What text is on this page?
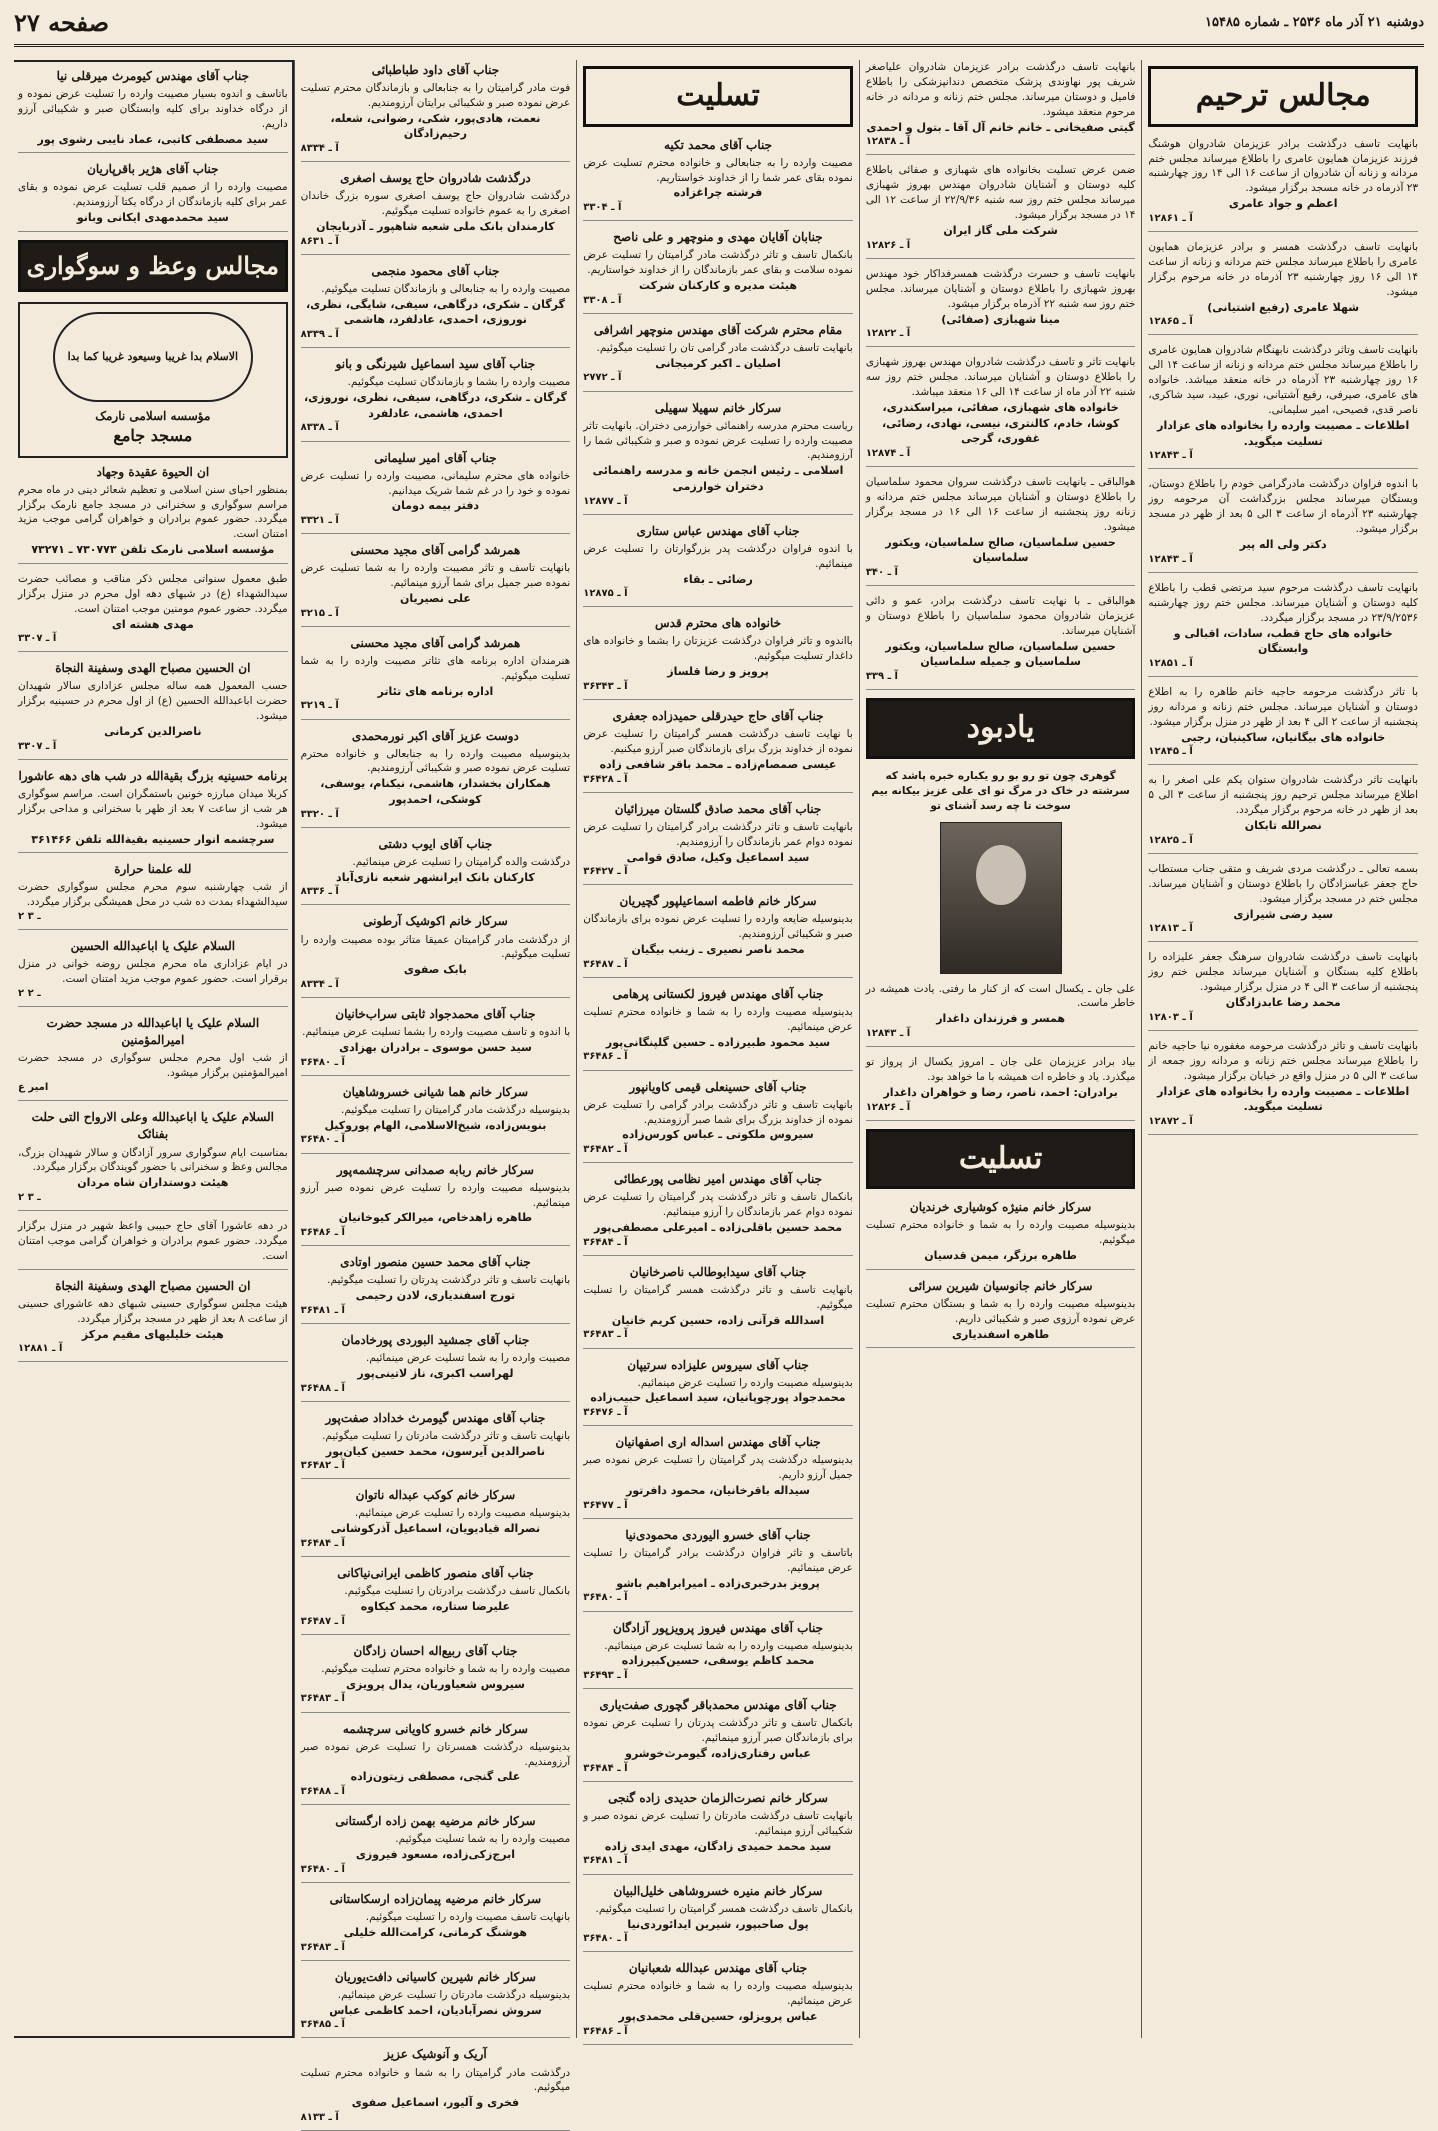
دوشنبه ۲۱ آذر ماه ۲۵۳۶ ـ شماره ۱۵۴۸۵
صفحه ۲۷
مجالس ترحیم

بانهایت تاسف درگذشت برادر عزیزمان شادروان هوشنگ فرزند عزیزمان همایون عامری را باطلاع میرساند مجلس ختم مردانه و زنانه آن شادروان از ساعت ۱۶ الی ۱۴ روز چهارشنبه ۲۳ آذرماه در خانه مسجد برگزار میشود.

اعظم و جواد عامری
آ ـ ۱۲۸۶۱

بانهایت تاسف درگذشت همسر و برادر عزیزمان همایون عامری را باطلاع میرساند مجلس ختم مردانه و زنانه از ساعت ۱۴ الی ۱۶ روز چهارشنبه ۲۳ آذرماه در خانه مرحوم برگزار میشود.

شهلا عامری (رفیع اشتیانی)
آ ـ ۱۲۸۶۵

بانهایت تاسف وتاثر درگذشت نابهنگام شادروان همایون عامری را باطلاع میرساند مجلس ختم مردانه و زنانه از ساعت ۱۴ الی ۱۶ روز چهارشنبه ۲۳ آذرماه در خانه منعقد میباشد. خانواده های عامری، صیرفی، رفیع آشتیانی، نوری، عبید، سید شاکری، ناصر قدی، فصیحی، امیر سلیمانی.

اطلاعات ـ مصیبت وارده را بخانواده های عزادار تسلیت میگوید.
آ ـ ۱۲۸۴۳

با اندوه فراوان درگذشت مادرگرامی خودم را باطلاع دوستان، وبستگان میرساند مجلس بزرگداشت آن مرحومه روز چهارشنبه ۲۳ آذرماه از ساعت ۳ الی ۵ بعد از ظهر در مسجد برگزار میشود.

دکتر ولی اله پیر
آ ـ ۱۲۸۴۳

بانهایت تاسف درگذشت مرحوم سید مرتضی قطب را باطلاع کلیه دوستان و آشنایان میرساند. مجلس ختم روز چهارشنبه ۲۳/۹/۲۵۳۶ در مسجد برگزار میگردد.

خانواده های حاج قطب، سادات، اقبالی و وابستگان
آ ـ ۱۲۸۵۱

با تاثر درگذشت مرحومه حاجیه خانم طاهره را به اطلاع دوستان و آشنایان میرساند. مجلس ختم زنانه و مردانه روز پنجشنبه از ساعت ۲ الی ۴ بعد از ظهر در منزل برگزار میشود.

خانواده های بیگانیان، ساکینیان، رجبی
آ ـ ۱۲۸۴۵

بانهایت تاثر درگذشت شادروان ستوان یکم علی اصغر را به اطلاع میرساند مجلس ترحیم روز پنجشنبه از ساعت ۳ الی ۵ بعد از ظهر در خانه مرحوم برگزار میگردد.

نصرالله تابکان
آ ـ ۱۲۸۲۵

بسمه تعالی ـ درگذشت مردی شریف و متقی جناب مستطاب حاج جعفر عباسزادگان را باطلاع دوستان و آشنایان میرساند. مجلس ختم در مسجد برگزار میشود.

سید رضی شیرازی
آ ـ ۱۲۸۱۳

بانهایت تاسف درگذشت شادروان سرهنگ جعفر علیزاده را باطلاع کلیه بستگان و آشنایان میرساند مجلس ختم روز پنجشنبه از ساعت ۳ الی ۴ در منزل برگزار میشود.

محمد رضا عابدزادگان
آ ـ ۱۲۸۰۳

بانهایت تاسف و تاثر درگذشت مرحومه مغفوره نیا حاجیه خانم را باطلاع میرساند مجلس ختم زنانه و مردانه روز جمعه از ساعت ۳ الی ۵ در منزل واقع در خیابان برگزار میشود.

اطلاعات ـ مصیبت وارده را بخانواده های عزادار تسلیت میگوید.
آ ـ ۱۲۸۷۲

بانهایت تاسف درگذشت برادر عزیزمان شادروان علیاصغر شریف پور نهاوندی پزشک متخصص دندانپزشکی را باطلاع فامیل و دوستان میرساند. مجلس ختم زنانه و مردانه در خانه مرحوم منعقد میشود.

گیتی صفیخانی ـ خانم خانم آل آقا ـ بتول و احمدی
آ ـ ۱۲۸۳۸

ضمن عرض تسلیت بخانواده های شهبازی و صفائی باطلاع کلیه دوستان و آشنایان شادروان مهندس بهروز شهبازی میرساند مجلس ختم روز سه شنبه ۲۲/۹/۳۶ از ساعت ۱۲ الی ۱۴ در مسجد برگزار میشود.

شرکت ملی گاز ایران
آ ـ ۱۲۸۲۶

بانهایت تاسف و حسرت درگذشت همسرفداکار خود مهندس بهروز شهبازی را باطلاع دوستان و آشنایان میرساند. مجلس ختم روز سه شنبه ۲۲ آذرماه برگزار میشود.

مینا شهبازی (صفائی)
آ ـ ۱۲۸۲۲

بانهایت تاثر و تاسف درگذشت شادروان مهندس بهروز شهبازی را باطلاع دوستان و آشنایان میرساند. مجلس ختم روز سه شنبه ۲۲ آذر ماه از ساعت ۱۴ الی ۱۶ منعقد میباشد.

خانواده های شهبازی، صفائی، میراسکندری، کوشا، خادم، کالنتری، نیسی، نهادی، رضائی، غفوری، گرجی
آ ـ ۱۲۸۷۴

هوالباقی ـ بانهایت تاسف درگذشت سروان محمود سلماسیان را باطلاع دوستان و آشنایان میرساند مجلس ختم مردانه و زنانه روز پنجشنبه از ساعت ۱۶ الی ۱۶ در مسجد برگزار میشود.

حسین سلماسیان، صالح سلماسیان، ویکتور سلماسیان
آ ـ ۳۴۰

هوالباقی ـ با نهایت تاسف درگذشت برادر، عمو و دائی عزیزمان شادروان محمود سلماسیان را باطلاع دوستان و آشنایان میرساند.

حسین سلماسیان، صالح سلماسیان، ویکتور سلماسیان و جمیله سلماسیان
آ ـ ۳۳۹
یادبود

گوهری چون تو رو بو رو یکباره خبره پاشد که سرشته در خاک در مرگ تو ای علی عزیز بیکانه بیم سوخت تا چه رسد آشنای تو

علی جان ـ یکسال است که از کنار ما رفتی. یادت همیشه در خاطر ماست.

همسر و فرزندان داغدار
آ ـ ۱۲۸۴۳

بیاد برادر عزیزمان علی جان ـ امروز یکسال از پرواز تو میگذرد. یاد و خاطره ات همیشه با ما خواهد بود.

برادران: احمد، ناصر، رضا و خواهران داغدار
آ ـ ۱۲۸۲۶
تسلیت
سرکار خانم منیژه کوشیاری خرندیان

بدینوسیله مصیبت وارده را به شما و خانواده محترم تسلیت میگوئیم.

طاهره برزگر، میمن قدسیان
سرکار خانم جانوسیان شیرین سرائی

بدینوسیله مصیبت وارده را به شما و بستگان محترم تسلیت عرض نموده آرزوی صبر و شکیبائی داریم.

طاهره اسفندیاری
تسلیت
جناب آقای محمد تکیه

مصیبت وارده را به جنابعالی و خانواده محترم تسلیت عرض نموده بقای عمر شما را از خداوند خواستاریم.

فرشته چراغزاده
آ ـ ۳۳۰۴
جنابان آقایان مهدی و منوچهر و علی ناصح

بانکمال تاسف و تاثر درگذشت مادر گرامیتان را تسلیت عرض نموده سلامت و بقای عمر بازماندگان را از خداوند خواستاریم.

هیئت مدیره و کارکنان شرکت
آ ـ ۳۳۰۸
مقام محترم شرکت آقای مهندس منوچهر اشرافی

بانهایت تاسف درگذشت مادر گرامی تان را تسلیت میگوئیم.

اصلیان ـ اکبر کرمیجانی
آ ـ ۲۷۷۲
سرکار خانم سهیلا سهیلی

ریاست محترم مدرسه راهنمائی خوارزمی دختران. بانهایت تاثر مصیبت وارده را تسلیت عرض نموده و صبر و شکیبائی شما را آرزومندیم.

اسلامی ـ رئیس انجمن خانه و مدرسه راهنمائی دختران خوارزمی
آ ـ ۱۲۸۷۷
جناب آقای مهندس عباس ستاری

با اندوه فراوان درگذشت پدر بزرگوارتان را تسلیت عرض مینمائیم.

رضائی ـ بقاء
آ ـ ۱۲۸۷۵
خانواده های محترم قدس

بااندوه و تاثر فراوان درگذشت عزیزتان را بشما و خانواده های داغدار تسلیت میگوئیم.

پرویز و رضا قلساز
آ ـ ۳۶۳۴۳
جناب آقای حاج حیدرقلی حمیدزاده جعفری

با نهایت تاسف درگذشت همسر گرامیتان را تسلیت عرض نموده از خداوند بزرگ برای بازماندگان صبر آرزو میکنیم.

عیسی صمصام‌زاده ـ محمد باقر شافعی زاده
آ ـ ۳۶۴۲۸
جناب آقای محمد صادق گلستان میرزائیان

بانهایت تاسف و تاثر درگذشت برادر گرامیتان را تسلیت عرض نموده دوام عمر بازماندگان را آرزومندیم.

سید اسماعیل وکیل، صادق قوامی
آ ـ ۳۶۴۲۷
سرکار خانم فاطمه اسماعیلپور گچیریان

بدینوسیله ضایعه وارده را تسلیت عرض نموده برای بازماندگان صبر و شکیبائی آرزومندیم.

محمد ناصر نصیری ـ زینب بیگیان
آ ـ ۳۶۴۸۷
جناب آقای مهندس فیروز لکستانی پرهامی

بدینوسیله مصیبت وارده را به شما و خانواده محترم تسلیت عرض مینمائیم.

سید محمود طبیرزاده ـ حسین گلپنگانی‌پور
آ ـ ۳۶۴۸۶
جناب آقای حسینعلی قیمی کاویانپور

بانهایت تاسف و تاثر درگذشت برادر گرامی را تسلیت عرض نموده از خداوند بزرگ برای شما صبر آرزومندیم.

سیروس ملکوتی ـ عباس کورس‌زاده
آ ـ ۳۶۴۸۲
جناب آقای مهندس امیر نظامی پورعطائی

بانکمال تاسف و تاثر درگذشت پدر گرامیتان را تسلیت عرض نموده دوام عمر بازماندگان را آرزو مینمائیم.

محمد حسین باقلی‌زاده ـ امیرعلی مصطفی‌پور
آ ـ ۳۶۴۸۴
جناب آقای سیدابوطالب ناصرخانیان

بانهایت تاسف و تاثر درگذشت همسر گرامیتان را تسلیت میگوئیم.

اسدالله قرآنی زاده، حسین کریم خانیان
آ ـ ۳۶۴۸۳
جناب آقای سیروس علیزاده سرتیپان

بدینوسیله مصیبت وارده را تسلیت عرض مینمائیم.

محمدجواد پورچوپانیان، سید اسماعیل حبیب‌زاده
آ ـ ۳۶۴۷۶
جناب آقای مهندس اسداله اری اصفهانیان

بدینوسیله درگذشت پدر گرامیتان را تسلیت عرض نموده صبر جمیل آرزو داریم.

سیداله باقرخانیان، محمود دافرتور
آ ـ ۳۶۴۷۷
جناب آقای خسرو الیوردی محمودی‌نیا

باتاسف و تاثر فراوان درگذشت برادر گرامیتان را تسلیت عرض مینمائیم.

پرویز بدرخبری‌زاده ـ امیرابراهیم باشو
آ ـ ۳۶۴۸۰
جناب آقای مهندس فیروز پرویزپور آزادگان

بدینوسیله مصیبت وارده را به شما تسلیت عرض مینمائیم.

محمد کاظم یوسفی، حسین‌کبیرزاده
آ ـ ۳۶۴۹۳
جناب آقای مهندس محمدباقر گچوری صفت‌یاری

بانکمال تاسف و تاثر درگذشت پدرتان را تسلیت عرض نموده برای بازماندگان صبر آرزو مینمائیم.

عباس رفتاری‌زاده، گیومرث‌خوشرو
آ ـ ۳۶۴۸۴
سرکار خانم نصرت‌الزمان حدیدی زاده گنجی

بانهایت تاسف درگذشت مادرتان را تسلیت عرض نموده صبر و شکیبائی آرزو مینمائیم.

سید محمد حمیدی زادگان، مهدی ایدی زاده
آ ـ ۳۶۴۸۱
سرکار خانم منیره خسروشاهی خلیل‌البیان

بانکمال تاسف درگذشت همسر گرامیتان را تسلیت میگوئیم.

پول صاحبپور، شیرین ایدائوردی‌نیا
آ ـ ۳۶۴۸۰
جناب آقای مهندس عبدالله شعبانیان

بدینوسیله مصیبت وارده را به شما و خانواده محترم تسلیت عرض مینمائیم.

عباس پرویزلو، حسین‌قلی محمدی‌پور
آ ـ ۳۶۴۸۶
جناب آقای داود طباطبائی

فوت مادر گرامیتان را به جنابعالی و بازماندگان محترم تسلیت عرض نموده صبر و شکیبائی برایتان آرزومندیم.

نعمت، هادی‌پور، شکی، رضوانی، شعله، رحیم‌زادگان
آ ـ ۸۳۳۴
درگذشت شادروان حاج یوسف اصغری

درگذشت شادروان حاج یوسف اصغری سوره بزرگ خاندان اصغری را به عموم خانواده تسلیت میگوئیم.

کارمندان بانک ملی شعبه شاهپور ـ آذربایجان
آ ـ ۸۶۳۱
جناب آقای محمود منجمی

مصیبت وارده را به جنابعالی و بازماندگان تسلیت میگوئیم.

گرگان ـ شکری، درگاهی، سیفی، شایگی، نظری، نوروزی، احمدی، عادلفرد، هاشمی
آ ـ ۸۳۳۹
جناب آقای سید اسماعیل شیرنگی و بانو

مصیبت وارده را بشما و بازماندگان تسلیت میگوئیم.

گرگان ـ شکری، درگاهی، سیفی، نظری، نوروزی، احمدی، هاشمی، عادلفرد
آ ـ ۸۳۳۸
جناب آقای امیر سلیمانی

خانواده های محترم سلیمانی، مصیبت وارده را تسلیت عرض نموده و خود را در غم شما شریک میدانیم.

دفتر بیمه دومان
آ ـ ۳۳۲۱
همرشد گرامی آقای مجید محسنی

بانهایت تاسف و تاثر مصیبت وارده را به شما تسلیت عرض نموده صبر جمیل برای شما آرزو مینمائیم.

علی نصیریان
آ ـ ۳۲۱۵
همرشد گرامی آقای مجید محسنی

هنرمندان اداره برنامه های تئاتر مصیبت وارده را به شما تسلیت میگوئیم.

اداره برنامه های تئاتر
آ ـ ۳۲۱۹
دوست عزیز آقای اکبر نورمحمدی

بدینوسیله مصیبت وارده را به جنابعالی و خانواده محترم تسلیت عرض نموده صبر و شکیبائی آرزومندیم.

همکاران بخشدار، هاشمی، نیکنام، یوسفی، کوشکی، احمدپور
آ ـ ۳۳۲۰
جناب آقای ایوب دشتی

درگذشت والده گرامیتان را تسلیت عرض مینمائیم.

کارکنان بانک ایرانشهر شعبه نازی‌آباد
آ ـ ۸۳۳۶
سرکار خانم اکوشیک آرطونی

از درگذشت مادر گرامیتان عمیقا متاثر بوده مصیبت وارده را تسلیت میگوئیم.

بابک صفوی
آ ـ ۸۳۳۴
جناب آقای محمدجواد ثابتی سراب‌خانیان

با اندوه و تاسف مصیبت وارده را بشما تسلیت عرض مینمائیم.

سید حسن موسوی ـ برادران بهزادی
آ ـ ۳۶۴۸۰
سرکار خانم هما شیانی خسروشاهیان

بدینوسیله درگذشت مادر گرامیتان را تسلیت میگوئیم.

بنویس‌زاده، شیخ‌الاسلامی، الهام پوروکیل
آ ـ ۳۶۴۸۰
سرکار خانم ربابه صمدانی سرچشمه‌پور

بدینوسیله مصیبت وارده را تسلیت عرض نموده صبر آرزو مینمائیم.

طاهره زاهدخاص، میرالکر کیوخانیان
آ ـ ۳۶۴۸۶
جناب آقای محمد حسین منصور اوتادی

بانهایت تاسف و تاثر درگذشت پدرتان را تسلیت میگوئیم.

تورج اسفندیاری، لادن رحیمی
آ ـ ۳۶۴۸۱
جناب آقای جمشید البوردی پورخادمان

مصیبت وارده را به شما تسلیت عرض مینمائیم.

لهراسب اکبری، ناز لاتینی‌پور
آ ـ ۳۶۴۸۸
جناب آقای مهندس گیومرث خداداد صفت‌پور

بانهایت تاسف و تاثر درگذشت مادرتان را تسلیت میگوئیم.

ناصرالدین آیرسون، محمد حسین کیان‌پور
آ ـ ۳۶۴۸۲
سرکار خانم کوکب عبداله ناتوان

بدینوسیله مصیبت وارده را تسلیت عرض مینمائیم.

نصراله قیادیویان، اسماعیل آذرکوشانی
آ ـ ۳۶۴۸۴
جناب آقای منصور کاظمی ایرانی‌نیاکانی

بانکمال تاسف درگذشت برادرتان را تسلیت میگوئیم.

علیرضا ستاره، محمد کیکاوه
آ ـ ۳۶۴۸۷
جناب آقای ربیع‌اله احسان زادگان

مصیبت وارده را به شما و خانواده محترم تسلیت میگوئیم.

سیروس شعیاوریان، یدال پرویزی
آ ـ ۳۶۴۸۳
سرکار خانم خسرو کاویانی سرچشمه

بدینوسیله درگذشت همسرتان را تسلیت عرض نموده صبر آرزومندیم.

علی گنجی، مصطفی زیتون‌زاده
آ ـ ۳۶۴۸۸
سرکار خانم مرضیه بهمن زاده ارگستانی

مصیبت وارده را به شما تسلیت میگوئیم.

ابرج‌زکی‌زاده، مسعود فیروزی
آ ـ ۳۶۴۸۰
سرکار خانم مرضیه پیمان‌زاده ارسکاستانی

بانهایت تاسف مصیبت وارده را تسلیت میگوئیم.

هوشنگ کرمانی، کرامت‌الله خلیلی
آ ـ ۳۶۴۸۳
سرکار خانم شیرین کاسیانی دافت‌یوریان

بدینوسیله درگذشت مادرتان را تسلیت عرض مینمائیم.

سروش نصرآبادیان، احمد کاظمی عباس
آ ـ ۳۶۴۸۵
آریک و آنوشیک عزیز

درگذشت مادر گرامیتان را به شما و خانواده محترم تسلیت میگوئیم.

فخری و آلیور، اسماعیل صفوی
آ ـ ۸۱۳۳
جناب آقای مهندس کیومرث میرقلی نیا

باتاسف و اندوه بسیار مصیبت وارده را تسلیت عرض نموده و از درگاه خداوند برای کلیه وابستگان صبر و شکیبائی آرزو داریم.

سید مصطفی کاتبی، عماد نایبی رشوی پور
جناب آقای هژیر باقرپاریان

مصیبت وارده را از صمیم قلب تسلیت عرض نموده و بقای عمر برای کلیه بازماندگان از درگاه یکتا آرزومندیم.

سید محمدمهدی ایکانی وبانو
مجالس وعظ و سوگواری
الاسلام بدا غریبا وسیعود غریبا کما بدا
مؤسسه اسلامی نارمک
مسجد جامع
ان الحیوة عقیدة وجهاد

بمنظور احیای سنن اسلامی و تعظیم شعائر دینی در ماه محرم مراسم سوگواری و سخنرانی در مسجد جامع نارمک برگزار میگردد. حضور عموم برادران و خواهران گرامی موجب مزید امتنان است.

مؤسسه اسلامی نارمک تلفن ۷۳۰۷۷۳ ـ ۷۳۲۷۱

طبق معمول سنواتی مجلس ذکر مناقب و مصائب حضرت سیدالشهداء (ع) در شبهای دهه اول محرم در منزل برگزار میگردد. حضور عموم مومنین موجب امتنان است.

مهدی هشته ای
آ ـ ۳۳۰۷
ان الحسین مصباح الهدی وسفینة النجاة

حسب المعمول همه ساله مجلس عزاداری سالار شهیدان حضرت اباعبدالله الحسین (ع) از اول محرم در حسینیه برگزار میشود.

ناصرالدین کرمانی
آ ـ ۳۳۰۷
برنامه حسینیه بزرگ بقیةالله در شب های دهه عاشورا

کربلا میدان مبارزه خونین باستمگران است. مراسم سوگواری هر شب از ساعت ۷ بعد از ظهر با سخنرانی و مداحی برگزار میشود.

سرچشمه انوار حسینیه بقیةالله تلفن ۳۶۱۴۶۶
لله علمنا حرارة

از شب چهارشنبه سوم محرم مجلس سوگواری حضرت سیدالشهداء بمدت ده شب در محل همیشگی برگزار میگردد.

۲ ـ ۳
السلام علیک یا اباعبدالله الحسین

در ایام عزاداری ماه محرم مجلس روضه خوانی در منزل برقرار است. حضور عموم موجب مزید امتنان است.

۲ ـ ۲
السلام علیک یا اباعبدالله در مسجد حضرت امیرالمؤمنین

از شب اول محرم مجلس سوگواری در مسجد حضرت امیرالمؤمنین برگزار میشود.

امیر ع
السلام علیک یا اباعبدالله وعلی الارواح التی حلت بفنائک

بمناسبت ایام سوگواری سرور آزادگان و سالار شهیدان بزرگ، مجالس وعظ و سخنرانی با حضور گویندگان برگزار میگردد.

هیئت دوستداران شاه مردان
۲ ـ ۳

در دهه عاشورا آقای حاج حبیبی واعظ شهیر در منزل برگزار میگردد. حضور عموم برادران و خواهران گرامی موجب امتنان است.

ان الحسین مصباح الهدی وسفینة النجاة

هیئت مجلس سوگواری حسینی شبهای دهه عاشورای حسینی از ساعت ۸ بعد از ظهر در مسجد برگزار میگردد.

هیئت خلیلیهای مقیم مرکز
آ ـ ۱۲۸۸۱
